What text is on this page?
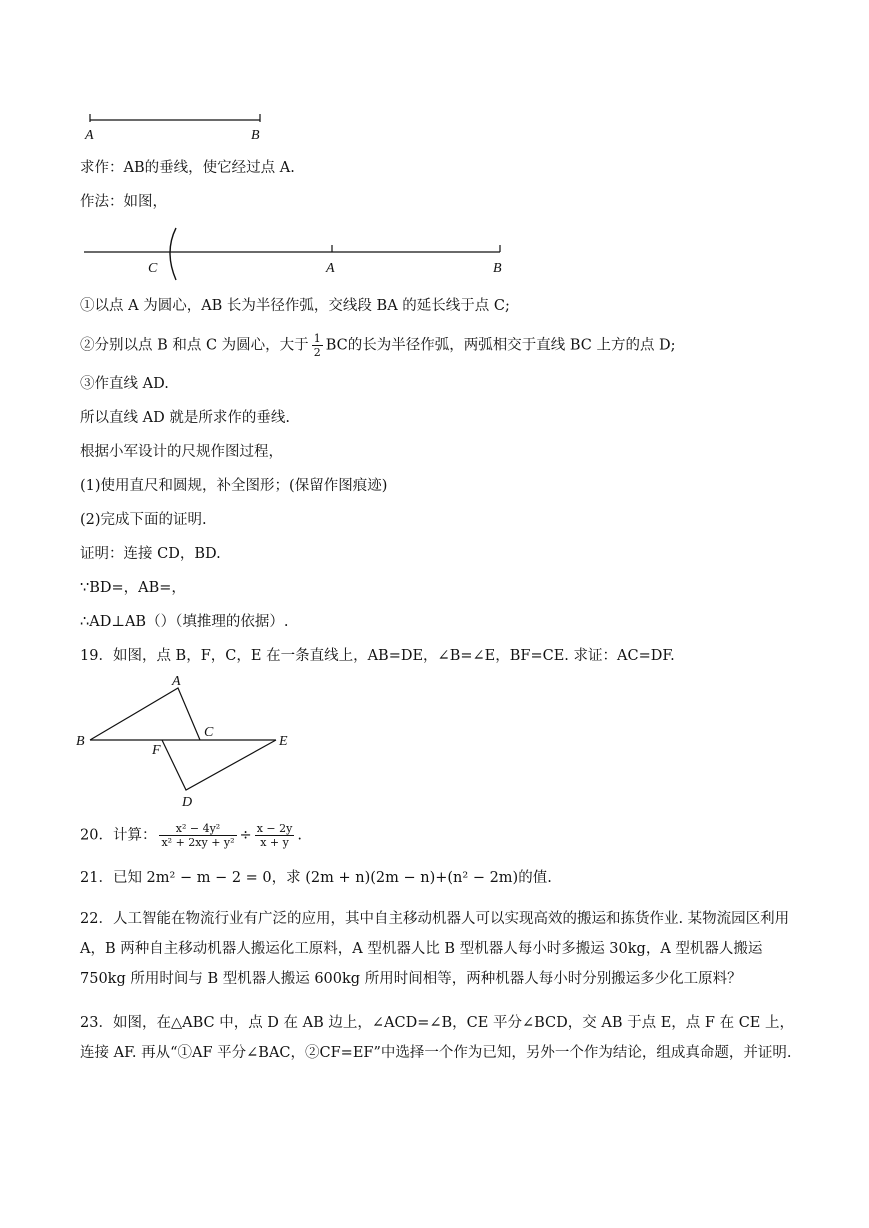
A	B
求作：AB的垂线，使它经过点 A.
作法：如图，
C	A	B
①以点 A 为圆心，AB 长为半径作弧，交线段 BA 的延长线于点 C;
②分别以点 B 和点 C 为圆心，大于 $\frac{1}{2}$ BC的长为半径作弧，两弧相交于直线 BC 上方的点 D;
③作直线 AD.
所以直线 AD 就是所求作的垂线.
根据小军设计的尺规作图过程，
(1)使用直尺和圆规，补全图形；(保留作图痕迹)
(2)完成下面的证明.
证明：连接 CD，BD.
∵BD=，AB=，
∴AD⊥AB（）（填推理的依据）.
19．如图，点 B，F，C，E 在一条直线上，AB=DE，∠B=∠E，BF=CE. 求证：AC=DF.
A
B
C
F
E
D
20．计算： $\frac{\text{x² − 4y²}}{\text{x² + 2xy + y²}} \div \frac{x - 2y}{x + y}$ .
21．已知 2m² − m − 2 = 0，求 (2m + n)(2m − n)+(n² − 2m)的值.
22．人工智能在物流行业有广泛的应用，其中自主移动机器人可以实现高效的搬运和拣货作业. 某物流园区利用 A，B 两种自主移动机器人搬运化工原料，A 型机器人比 B 型机器人每小时多搬运 30kg，A 型机器人搬运 750kg 所用时间与 B 型机器人搬运 600kg 所用时间相等，两种机器人每小时分别搬运多少化工原料？
23．如图，在△ABC 中，点 D 在 AB 边上，∠ACD=∠B，CE 平分∠BCD，交 AB 于点 E，点 F 在 CE 上，连接 AF. 再从“①AF 平分∠BAC，②CF=EF”中选择一个作为已知，另外一个作为结论，组成真命题，并证明.
